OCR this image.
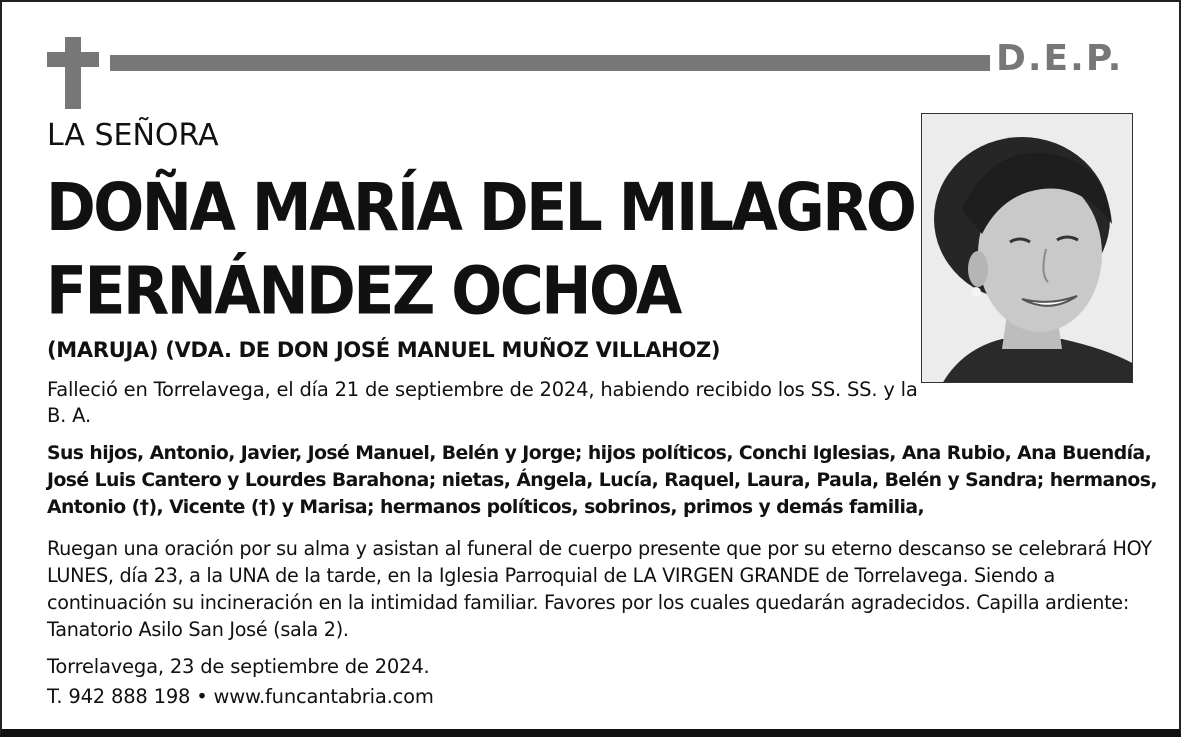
D.E.P.
LA SEÑORA
DOÑA MARÍA DEL MILAGRO
FERNÁNDEZ OCHOA
(MARUJA) (VDA. DE DON JOSÉ MANUEL MUÑOZ VILLAHOZ)
Falleció en Torrelavega, el día 21 de septiembre de 2024, habiendo recibido los SS. SS. y la B. A.
Sus hijos, Antonio, Javier, José Manuel, Belén y Jorge; hijos políticos, Conchi Iglesias, Ana Rubio, Ana Buendía, José Luis Cantero y Lourdes Barahona; nietas, Ángela, Lucía, Raquel, Laura, Paula, Belén y Sandra; hermanos, Antonio (†), Vicente (†) y Marisa; hermanos políticos, sobrinos, primos y demás familia,
Ruegan una oración por su alma y asistan al funeral de cuerpo presente que por su eterno descanso se celebrará HOY LUNES, día 23, a la UNA de la tarde, en la Iglesia Parroquial de LA VIRGEN GRANDE de Torrelavega. Siendo a continuación su incineración en la intimidad familiar. Favores por los cuales quedarán agradecidos. Capilla ardiente: Tanatorio Asilo San José (sala 2).
Torrelavega, 23 de septiembre de 2024.
T. 942 888 198 • www.funcantabria.com
